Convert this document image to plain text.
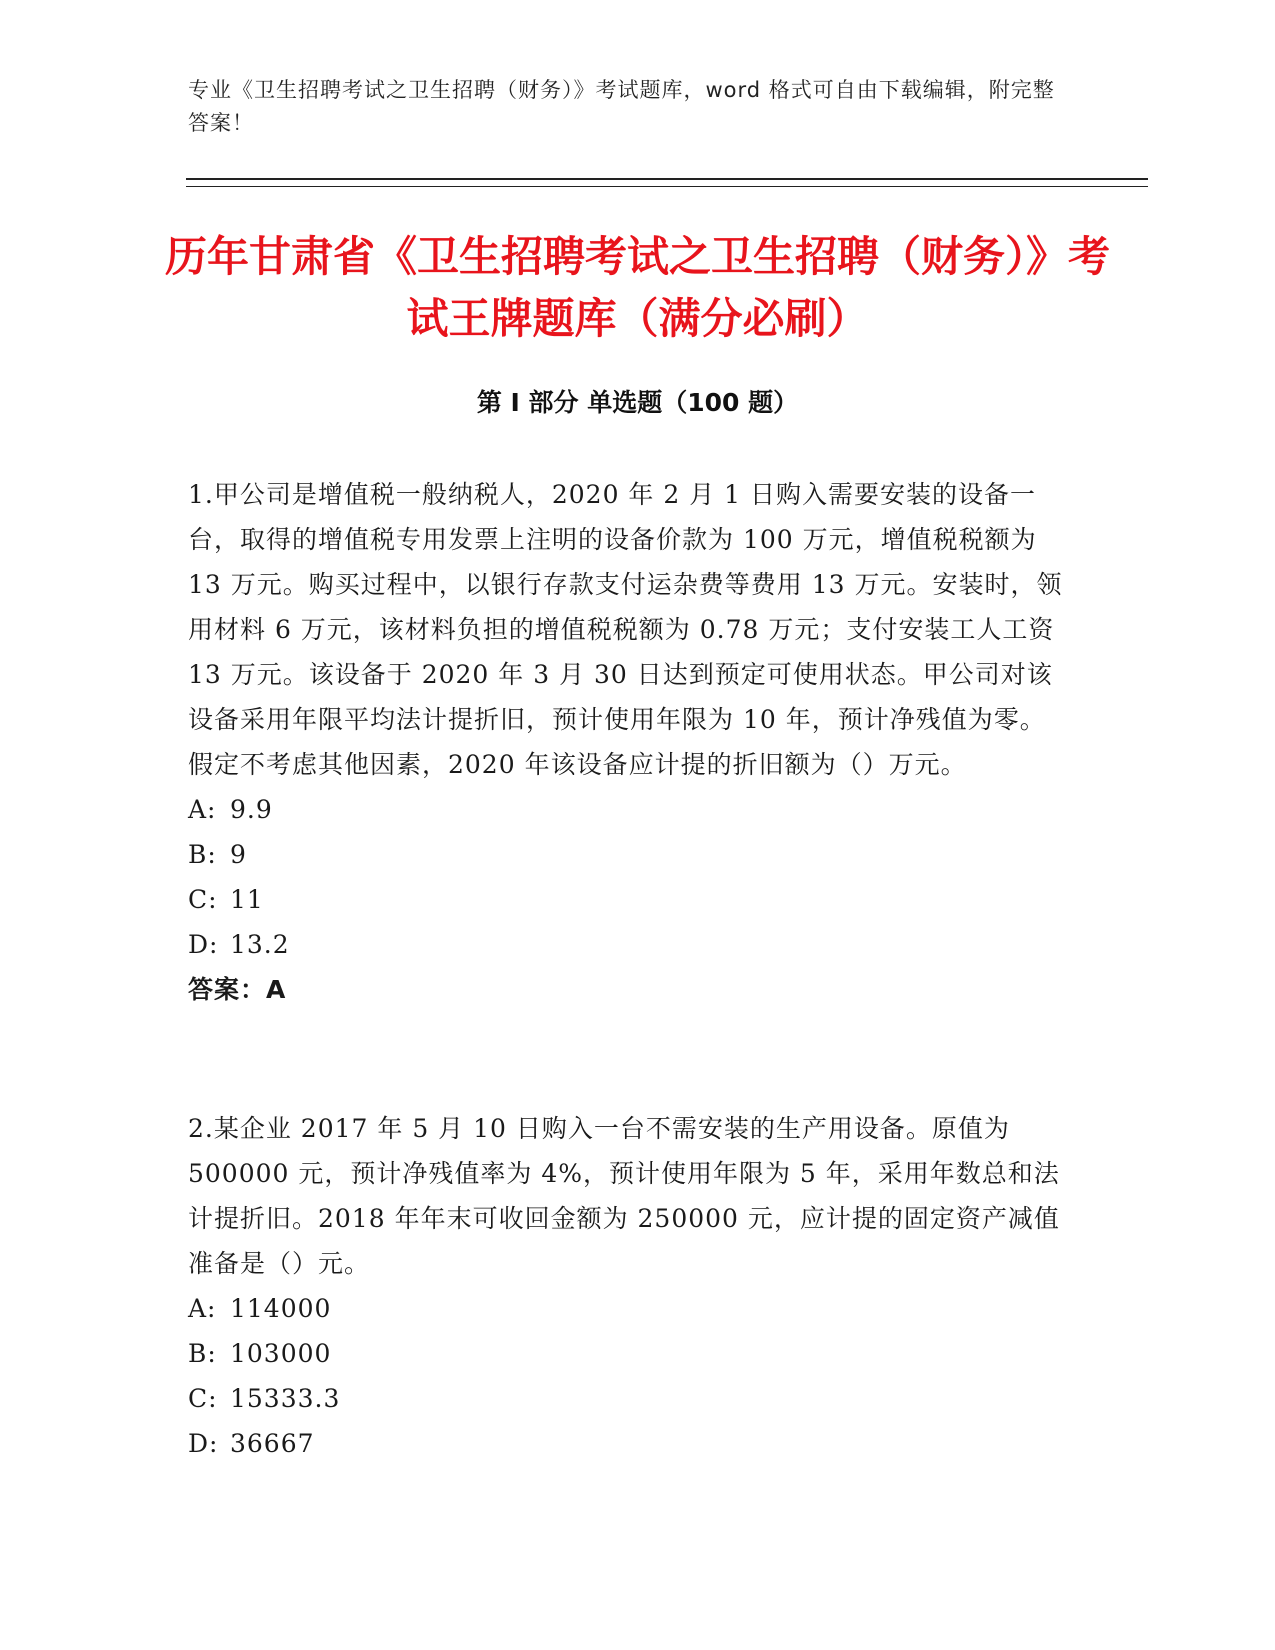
专业《卫生招聘考试之卫生招聘（财务）》考试题库，word 格式可自由下载编辑，附完整答案！
历年甘肃省《卫生招聘考试之卫生招聘（财务）》考试王牌题库（满分必刷）
第 I 部分 单选题（100 题）

1.甲公司是增值税一般纳税人，2020 年 2 月 1 日购入需要安装的设备一台，取得的增值税专用发票上注明的设备价款为 100 万元，增值税税额为 13 万元。购买过程中，以银行存款支付运杂费等费用 13 万元。安装时，领用材料 6 万元，该材料负担的增值税税额为 0.78 万元；支付安装工人工资 13 万元。该设备于 2020 年 3 月 30 日达到预定可使用状态。甲公司对该设备采用年限平均法计提折旧，预计使用年限为 10 年，预计净残值为零。假定不考虑其他因素，2020 年该设备应计提的折旧额为（）万元。

A: 9.9
B: 9
C: 11
D: 13.2

答案：A

2.某企业 2017 年 5 月 10 日购入一台不需安装的生产用设备。原值为 500000 元，预计净残值率为 4%，预计使用年限为 5 年，采用年数总和法计提折旧。2018 年年末可收回金额为 250000 元，应计提的固定资产减值准备是（）元。

A: 114000
B: 103000
C: 15333.3
D: 36667
